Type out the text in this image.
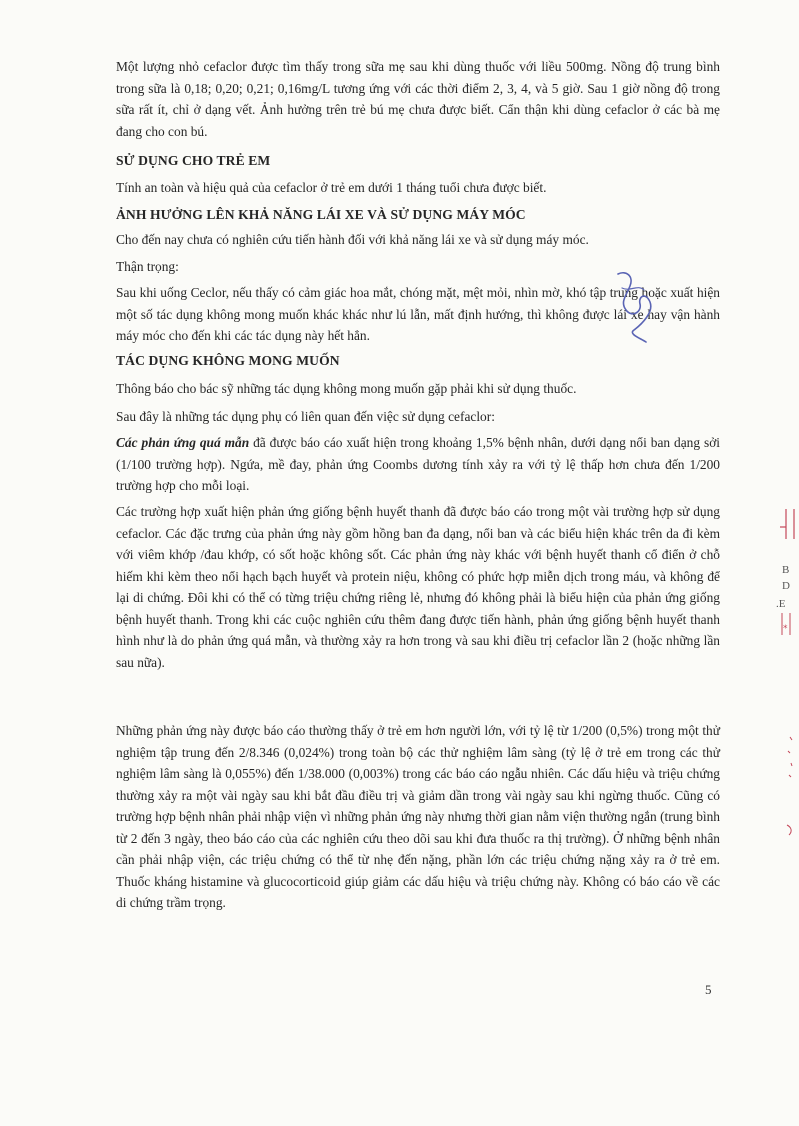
Một lượng nhỏ cefaclor được tìm thấy trong sữa mẹ sau khi dùng thuốc với liều 500mg. Nồng độ trung bình trong sữa là 0,18; 0,20; 0,21; 0,16mg/L tương ứng với các thời điểm 2, 3, 4, và 5 giờ. Sau 1 giờ nồng độ trong sữa rất ít, chỉ ở dạng vết. Ảnh hưởng trên trẻ bú mẹ chưa được biết. Cẩn thận khi dùng cefaclor ở các bà mẹ đang cho con bú.

SỬ DỤNG CHO TRẺ EM

Tính an toàn và hiệu quả của cefaclor ở trẻ em dưới 1 tháng tuổi chưa được biết.

ẢNH HƯỞNG LÊN KHẢ NĂNG LÁI XE VÀ SỬ DỤNG MÁY MÓC

Cho đến nay chưa có nghiên cứu tiến hành đối với khả năng lái xe và sử dụng máy móc.

Thận trọng:

Sau khi uống Ceclor, nếu thấy có cảm giác hoa mắt, chóng mặt, mệt mỏi, nhìn mờ, khó tập trung hoặc xuất hiện một số tác dụng không mong muốn khác khác như lú lẫn, mất định hướng, thì không được lái xe hay vận hành máy móc cho đến khi các tác dụng này hết hẳn.

TÁC DỤNG KHÔNG MONG MUỐN

Thông báo cho bác sỹ những tác dụng không mong muốn gặp phải khi sử dụng thuốc.

Sau đây là những tác dụng phụ có liên quan đến việc sử dụng cefaclor:

Các phản ứng quá mẫn đã được báo cáo xuất hiện trong khoảng 1,5% bệnh nhân, dưới dạng nổi ban dạng sởi (1/100 trường hợp). Ngứa, mề đay, phản ứng Coombs dương tính xảy ra với tỷ lệ thấp hơn chưa đến 1/200 trường hợp cho mỗi loại.

Các trường hợp xuất hiện phản ứng giống bệnh huyết thanh đã được báo cáo trong một vài trường hợp sử dụng cefaclor. Các đặc trưng của phản ứng này gồm hồng ban đa dạng, nổi ban và các biểu hiện khác trên da đi kèm với viêm khớp /đau khớp, có sốt hoặc không sốt. Các phản ứng này khác với bệnh huyết thanh cổ điển ở chỗ hiếm khi kèm theo nổi hạch bạch huyết và protein niệu, không có phức hợp miễn dịch trong máu, và không để lại di chứng. Đôi khi có thể có từng triệu chứng riêng lẻ, nhưng đó không phải là biểu hiện của phản ứng giống bệnh huyết thanh. Trong khi các cuộc nghiên cứu thêm đang được tiến hành, phản ứng giống bệnh huyết thanh hình như là do phản ứng quá mẫn, và thường xảy ra hơn trong và sau khi điều trị cefaclor lần 2 (hoặc những lần sau nữa).

Những phản ứng này được báo cáo thường thấy ở trẻ em hơn người lớn, với tỷ lệ từ 1/200 (0,5%) trong một thử nghiệm tập trung đến 2/8.346 (0,024%) trong toàn bộ các thử nghiệm lâm sàng (tỷ lệ ở trẻ em trong các thử nghiệm lâm sàng là 0,055%) đến 1/38.000 (0,003%) trong các báo cáo ngẫu nhiên. Các dấu hiệu và triệu chứng thường xảy ra một vài ngày sau khi bắt đầu điều trị và giảm dần trong vài ngày sau khi ngừng thuốc. Cũng có trường hợp bệnh nhân phải nhập viện vì những phản ứng này nhưng thời gian nằm viện thường ngắn (trung bình từ 2 đến 3 ngày, theo báo cáo của các nghiên cứu theo dõi sau khi đưa thuốc ra thị trường). Ở những bệnh nhân cần phải nhập viện, các triệu chứng có thể từ nhẹ đến nặng, phần lớn các triệu chứng nặng xảy ra ở trẻ em. Thuốc kháng histamine và glucocorticoid giúp giảm các dấu hiệu và triệu chứng này. Không có báo cáo về các di chứng trầm trọng.

5
B
D
.E
*
